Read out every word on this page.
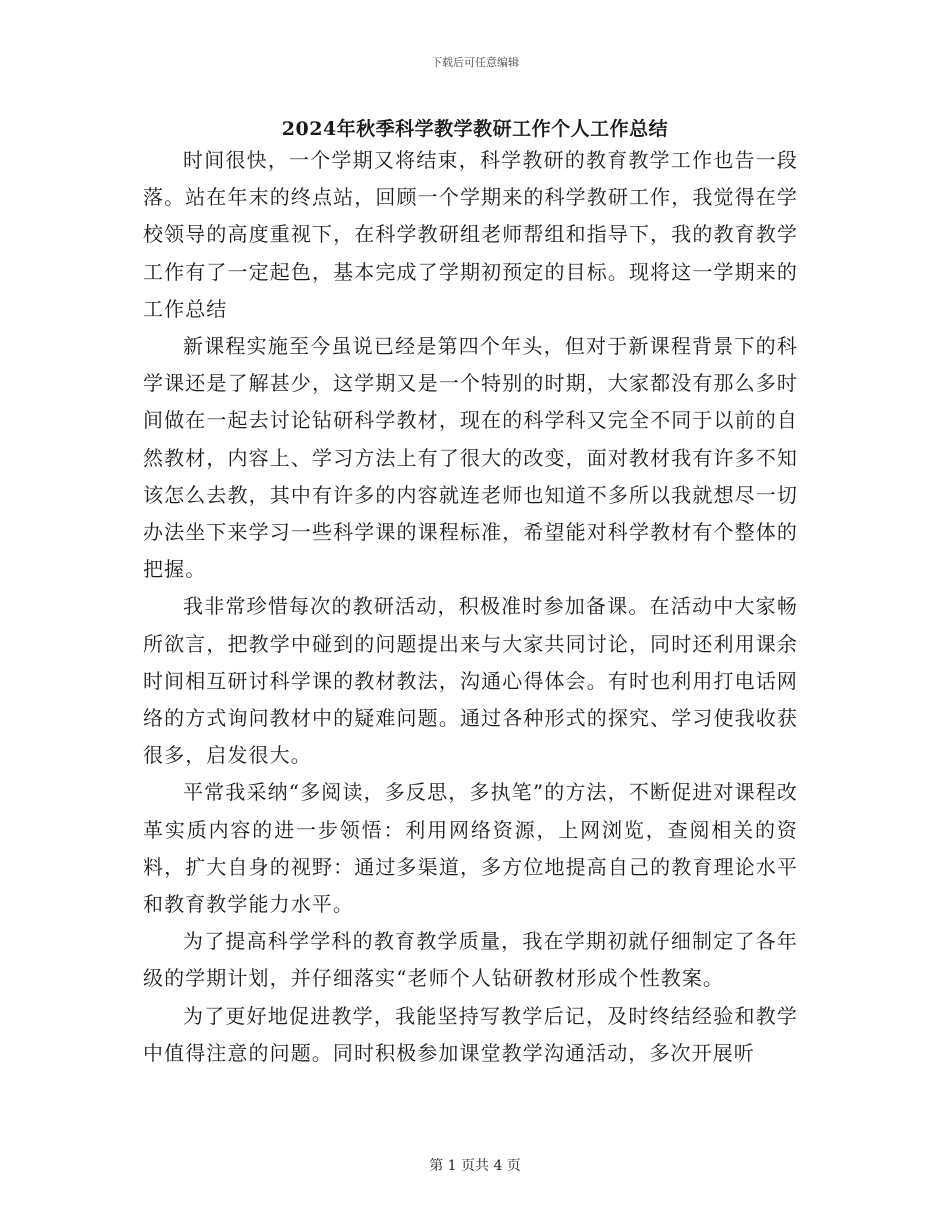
下载后可任意编辑
2024年秋季科学教学教研工作个人工作总结

时间很快，一个学期又将结束，科学教研的教育教学工作也告一段落。站在年末的终点站，回顾一个学期来的科学教研工作，我觉得在学校领导的高度重视下，在科学教研组老师帮组和指导下，我的教育教学工作有了一定起色，基本完成了学期初预定的目标。现将这一学期来的工作总结

新课程实施至今虽说已经是第四个年头，但对于新课程背景下的科学课还是了解甚少，这学期又是一个特别的时期，大家都没有那么多时间做在一起去讨论钻研科学教材，现在的科学科又完全不同于以前的自然教材，内容上、学习方法上有了很大的改变，面对教材我有许多不知该怎么去教，其中有许多的内容就连老师也知道不多所以我就想尽一切办法坐下来学习一些科学课的课程标准，希望能对科学教材有个整体的把握。

我非常珍惜每次的教研活动，积极准时参加备课。在活动中大家畅所欲言，把教学中碰到的问题提出来与大家共同讨论，同时还利用课余时间相互研讨科学课的教材教法，沟通心得体会。有时也利用打电话网络的方式询问教材中的疑难问题。通过各种形式的探究、学习使我收获很多，启发很大。

平常我采纳“多阅读，多反思，多执笔”的方法，不断促进对课程改革实质内容的进一步领悟：利用网络资源，上网浏览，查阅相关的资料，扩大自身的视野：通过多渠道，多方位地提高自己的教育理论水平和教育教学能力水平。

为了提高科学学科的教育教学质量，我在学期初就仔细制定了各年级的学期计划，并仔细落实“老师个人钻研教材形成个性教案。

为了更好地促进教学，我能坚持写教学后记，及时终结经验和教学中值得注意的问题。同时积极参加课堂教学沟通活动，多次开展听

第 1 页共 4 页
